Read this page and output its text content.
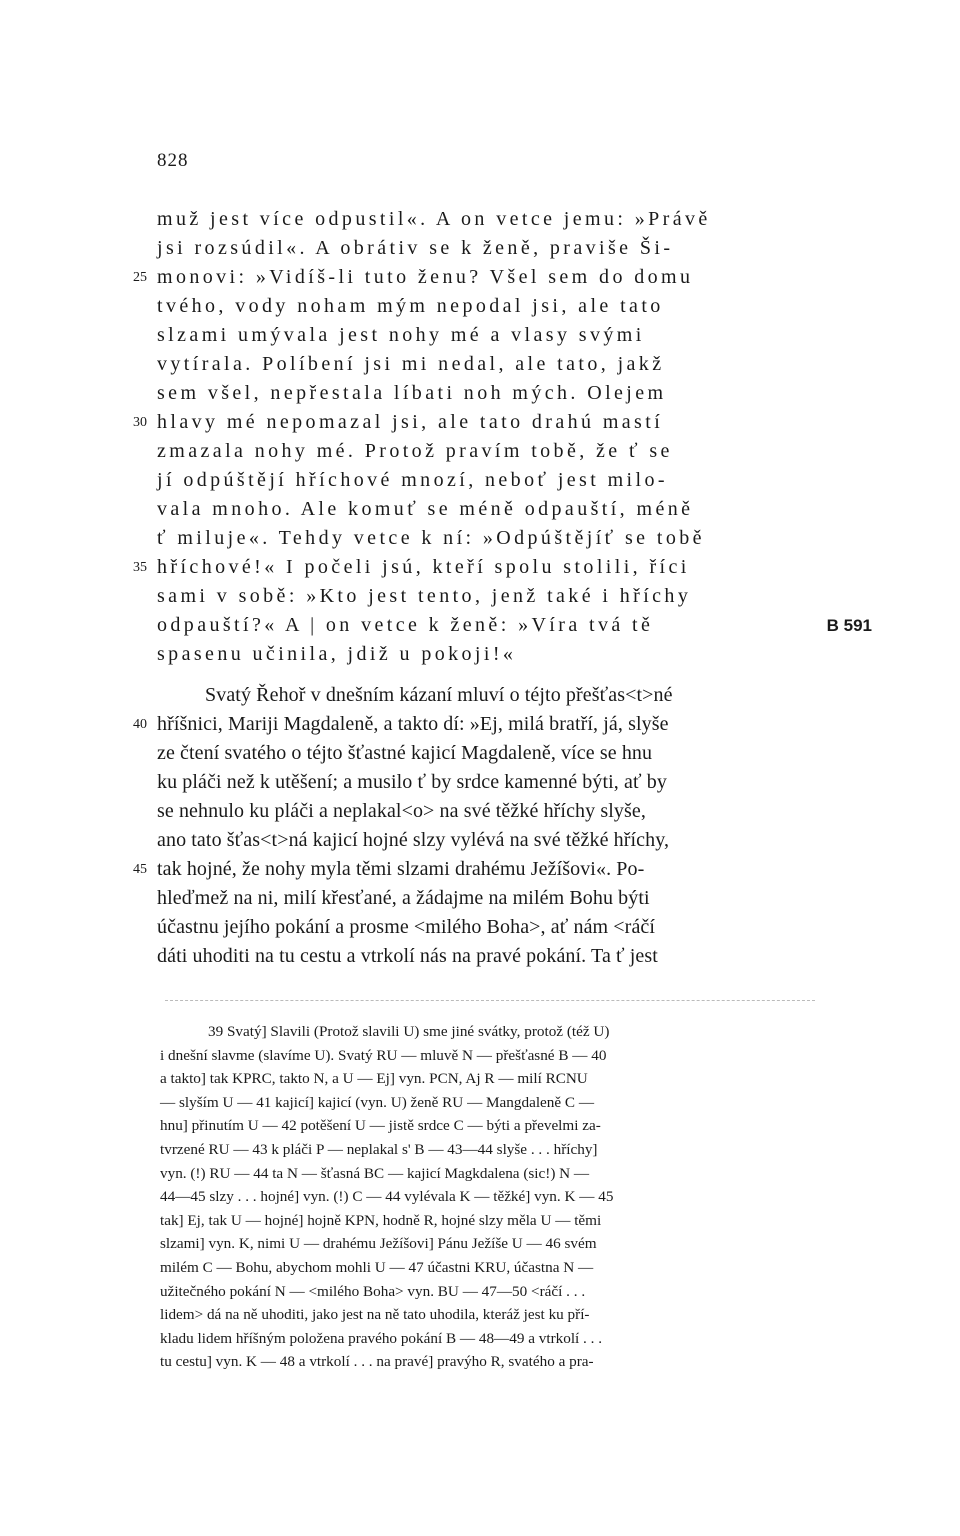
828
muž jest více odpustil«. A on vetce jemu: »Právě
jsi rozsúdil«. A obrátiv se k ženě, praviše Ši-
25 monovi: »Vidíš-li tuto ženu? Všel sem do domu
tvého, vody noham mým nepodal jsi, ale tato
slzami umývala jest nohy mé a vlasy svými
vytírala. Políbení jsi mi nedal, ale tato, jakž
sem všel, nepřestala líbati noh mých. Olejem
30 hlavy mé nepomazal jsi, ale tato drahú mastí
zmazala nohy mé. Protož pravím tobě, že ť se
jí odpúštějí hříchové mnozí, neboť jest milo-
vala mnoho. Ale komuť se méně odpauští, méně
ť miluje«. Tehdy vetce k ní: »Odpúštějíť se tobě
35 hříchové!« I počeli jsú, kteří spolu stolili, říci
sami v sobě: »Kto jest tento, jenž také i hříchy
odpauští?« A | on vetce k ženě: »Víra tvá tě	B 591
spasenu učinila, jdiž u pokoji!«
Svatý Řehoř v dnešním kázaní mluví o téjto přešťas<t>né
40 hříšnici, Mariji Magdaleně, a takto dí: »Ej, milá bratří, já, slyše
ze čtení svatého o téjto šťastné kajicí Magdaleně, více se hnu
ku pláči než k utěšení; a musilo ť by srdce kamenné býti, ať by
se nehnulo ku pláči a neplakal<o> na své těžké hříchy slyše,
ano tato šťas<t>ná kajicí hojné slzy vylévá na své těžké hříchy,
45 tak hojné, že nohy myla těmi slzami drahému Ježíšovi«. Po-
hleďmež na ni, milí křesťané, a žádajme na milém Bohu býti
účastnu jejího pokání a prosme <milého Boha>, ať nám <ráčí
dáti uhoditi na tu cestu a vtrkolí nás na pravé pokání. Ta ť jest
39 Svatý] Slavili (Protož slavili U) sme jiné svátky, protož (též U)
i dnešní slavme (slavíme U). Svatý RU — mluvě N — přešťasné B — 40
a takto] tak KPRC, takto N, a U — Ej] vyn. PCN, Aj R — milí RCNU
— slyším U — 41 kajicí] kajicí (vyn. U) ženě RU — Mangdaleně C —
hnu] přinutím U — 42 potěšení U — jistě srdce C — býti a převelmi za-
tvrzené RU — 43 k pláči P — neplakal s' B — 43—44 slyše . . . hříchy]
vyn. (!) RU — 44 ta N — šťasná BC — kajicí Magkdalena (sic!) N —
44—45 slzy . . . hojné] vyn. (!) C — 44 vylévala K — těžké] vyn. K — 45
tak] Ej, tak U — hojné] hojně KPN, hodně R, hojné slzy měla U — těmi
slzami] vyn. K, nimi U — drahému Ježíšovi] Pánu Ježíše U — 46 svém
milém C — Bohu, abychom mohli U — 47 účastni KRU, účastna N —
užitečného pokání N — <milého Boha> vyn. BU — 47—50 <ráčí . . .
lidem> dá na ně uhoditi, jako jest na ně tato uhodila, kteráž jest ku pří-
kladu lidem hříšným položena pravého pokání B — 48—49 a vtrkolí . . .
tu cestu] vyn. K — 48 a vtrkolí . . . na pravé] pravýho R, svatého a pra-
